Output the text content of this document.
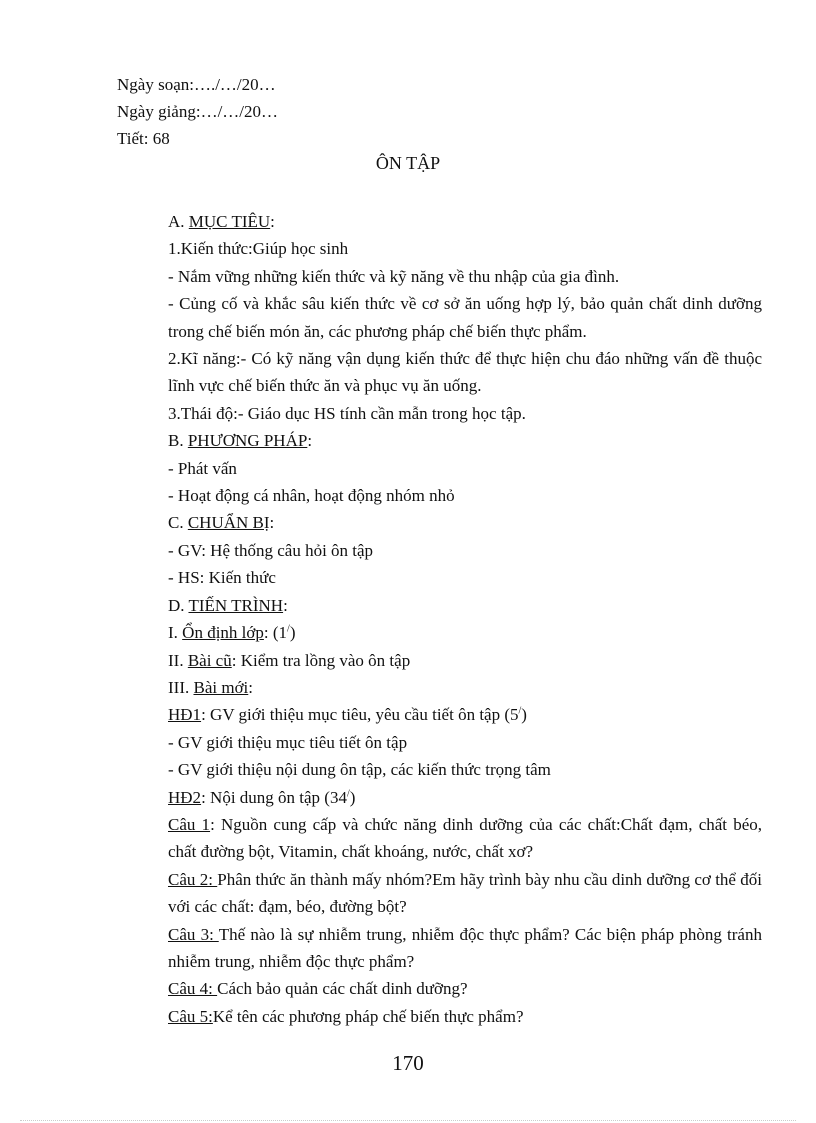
Ngày soạn:…./…/20…
Ngày giảng:…/…/20…
Tiết: 68
ÔN TẬP

A. MỤC TIÊU:

1.Kiến thức:Giúp học sinh

- Nắm vững những kiến thức và kỹ năng về thu nhập của gia đình.

- Củng cố và khắc sâu kiến thức về cơ sở ăn uống hợp lý, bảo quản chất dinh dưỡng trong chế biến món ăn, các phương pháp chế biến thực phẩm.

2.Kĩ năng:- Có kỹ năng vận dụng kiến thức để thực hiện chu đáo những vấn đề thuộc lĩnh vực chế biến thức ăn và phục vụ ăn uống.

3.Thái độ:- Giáo dục HS tính cần mẫn trong học tập.

B. PHƯƠNG PHÁP:

- Phát vấn

- Hoạt động cá nhân, hoạt động nhóm nhỏ

C. CHUẨN BỊ:

- GV: Hệ thống câu hỏi ôn tập

- HS: Kiến thức

D. TIẾN TRÌNH:

I. Ổn định lớp: (1/)

II. Bài cũ: Kiểm tra lồng vào ôn tập

III. Bài mới:

HĐ1: GV giới thiệu mục tiêu, yêu cầu tiết ôn tập (5/)

- GV giới thiệu mục tiêu tiết ôn tập

- GV giới thiệu nội dung ôn tập, các kiến thức trọng tâm

HĐ2: Nội dung ôn tập (34/)

Câu 1: Nguồn cung cấp và chức năng dinh dưỡng của các chất:Chất đạm, chất béo, chất đường bột, Vitamin, chất khoáng, nước, chất xơ?

Câu 2: Phân thức ăn thành mấy nhóm?Em hãy trình bày nhu cầu dinh dưỡng cơ thể đối với các chất: đạm, béo, đường bột?

Câu 3: Thế nào là sự nhiễm trung, nhiễm độc thực phẩm? Các biện pháp phòng tránh nhiễm trung, nhiễm độc thực phẩm?

Câu 4: Cách bảo quản các chất dinh dưỡng?

Câu 5:Kể tên các phương pháp chế biến thực phẩm?

170
